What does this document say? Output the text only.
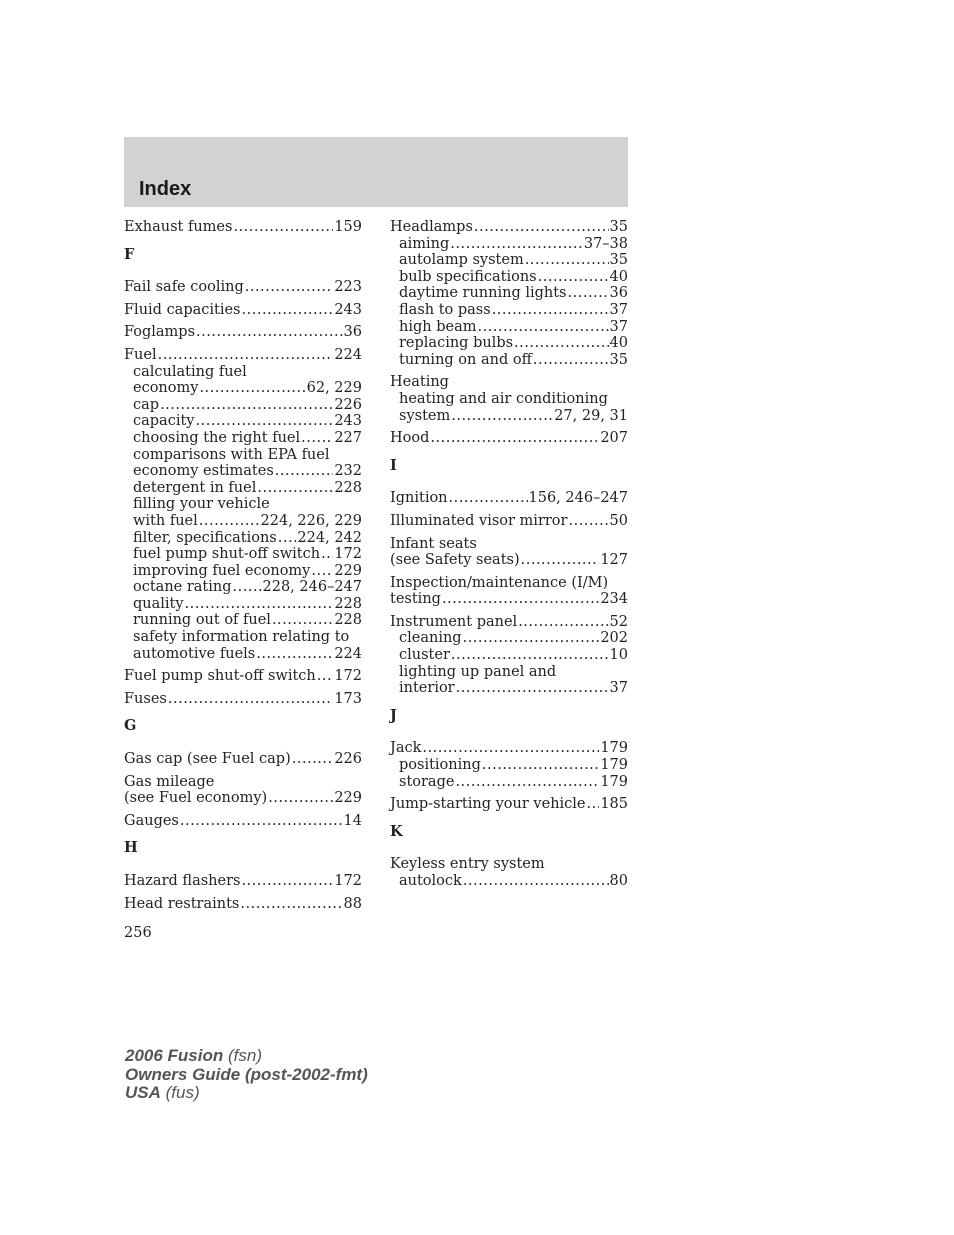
Index
Exhaust fumes .....	159
F
Fail safe cooling .....	223
Fluid capacities .....	243
Foglamps .....	36
Fuel .....	224
calculating fuel
economy .....	62, 229
cap .....	226
capacity .....	243
choosing the right fuel ..... 227
comparisons with EPA fuel
economy estimates .....	232
detergent in fuel .....	228
filling your vehicle
with fuel .....	224, 226, 229
filter, specifications ..... 224, 242
fuel pump shut-off switch ..... 172
improving fuel economy ..... 229
octane rating ..... 228, 246–247
quality .....	228
running out of fuel .....	228
safety information relating to
automotive fuels .....	224
Fuel pump shut-off switch ..... 172
Fuses .....	173
G
Gas cap (see Fuel cap) .....	226
Gas mileage
(see Fuel economy) .....	229
Gauges .....	14
H
Hazard flashers .....	172
Head restraints .....	88
Headlamps .....	35
aiming .....	37–38
autolamp system .....	35
bulb specifications .....	40
daytime running lights .....	36
flash to pass .....	37
high beam .....	37
replacing bulbs .....	40
turning on and off .....	35
Heating
heating and air conditioning
system .....	27, 29, 31
Hood .....	207
I
Ignition .....	156, 246–247
Illuminated visor mirror .....	50
Infant seats
(see Safety seats) .....	127
Inspection/maintenance (I/M)
testing .....	234
Instrument panel .....	52
cleaning .....	202
cluster .....	10
lighting up panel and
interior .....	37
J
Jack .....	179
positioning .....	179
storage .....	179
Jump-starting your vehicle ..... 185
K
Keyless entry system
autolock .....	80
256
2006 Fusion (fsn)
Owners Guide (post-2002-fmt)
USA (fus)
